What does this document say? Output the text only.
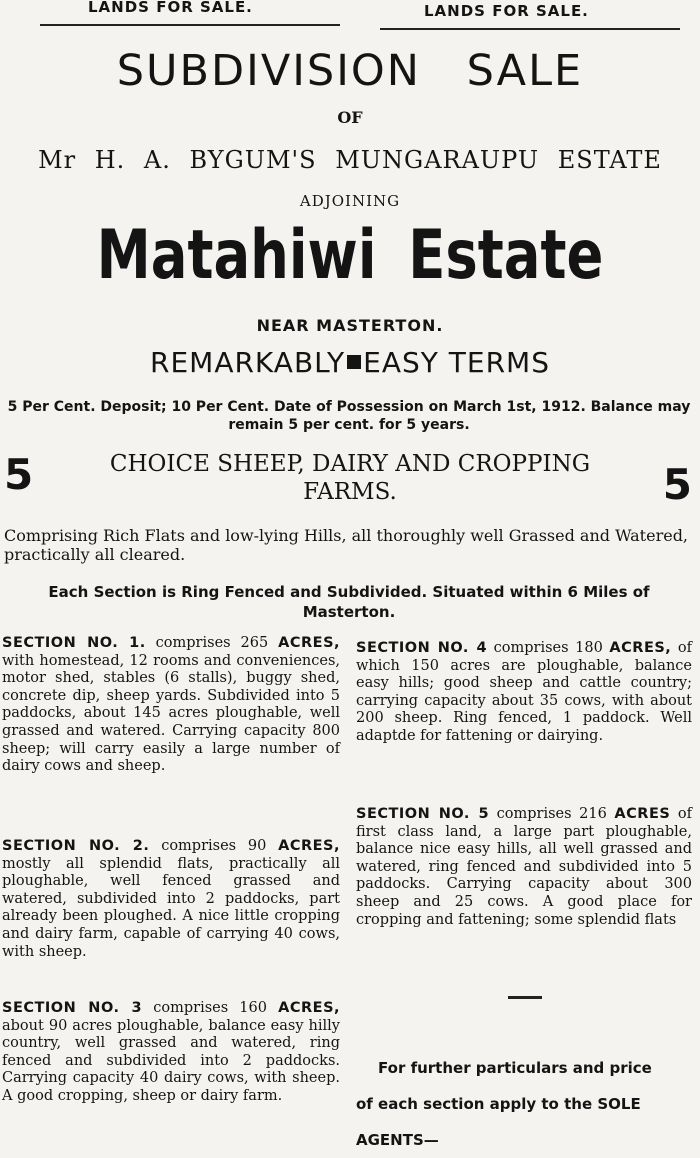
LANDS FOR SALE.	LANDS FOR SALE.
SUBDIVISION SALE
OF
Mr H. A. BYGUM'S MUNGARAUPU ESTATE
ADJOINING
Matahiwi Estate
NEAR MASTERTON.
REMARKABLY EASY TERMS
5 Per Cent. Deposit; 10 Per Cent. Date of Possession on March 1st, 1912. Balance may remain 5 per cent. for 5 years.
5	CHOICE SHEEP, DAIRY AND CROPPING FARMS.	5
Comprising Rich Flats and low-lying Hills, all thoroughly well Grassed and Watered, practically all cleared.
Each Section is Ring Fenced and Subdivided. Situated within 6 Miles of Masterton.
SECTION NO. 1. comprises 265 ACRES, with homestead, 12 rooms and conveniences, motor shed, stables (6 stalls), buggy shed, concrete dip, sheep yards. Subdivided into 5 paddocks, about 145 acres ploughable, well grassed and watered. Carrying capacity 800 sheep; will carry easily a large number of dairy cows and sheep.
SECTION NO. 2. comprises 90 ACRES, mostly all splendid flats, practically all ploughable, well fenced grassed and watered, subdivided into 2 paddocks, part already been ploughed. A nice little cropping and dairy farm, capable of carrying 40 cows, with sheep.
SECTION NO. 3 comprises 160 ACRES, about 90 acres ploughable, balance easy hilly country, well grassed and watered, ring fenced and subdivided into 2 paddocks. Carrying capacity 40 dairy cows, with sheep. A good cropping, sheep or dairy farm.
SECTION NO. 4 comprises 180 ACRES, of which 150 acres are ploughable, balance easy hills; good sheep and cattle country; carrying capacity about 35 cows, with about 200 sheep. Ring fenced, 1 paddock. Well adaptde for fattening or dairying.
SECTION NO. 5 comprises 216 ACRES of first class land, a large part ploughable, balance nice easy hills, all well grassed and watered, ring fenced and subdivided into 5 paddocks. Carrying capacity about 300 sheep and 25 cows. A good place for cropping and fattening; some splendid flats
For further particulars and price
of each section apply to the SOLE
AGENTS—
